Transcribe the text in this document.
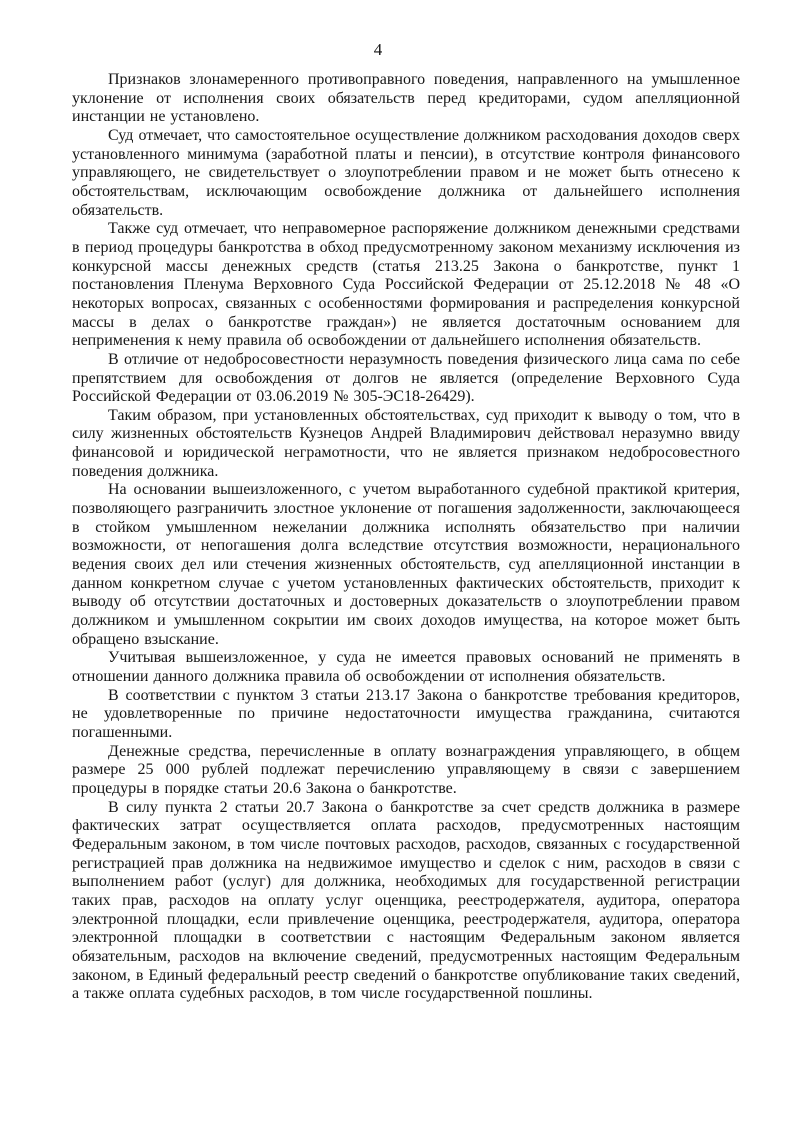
4

Признаков злонамеренного противоправного поведения, направленного на умышленное уклонение от исполнения своих обязательств перед кредиторами, судом апелляционной инстанции не установлено.

Суд отмечает, что самостоятельное осуществление должником расходования доходов сверх установленного минимума (заработной платы и пенсии), в отсутствие контроля финансового управляющего, не свидетельствует о злоупотреблении правом и не может быть отнесено к обстоятельствам, исключающим освобождение должника от дальнейшего исполнения обязательств.

Также суд отмечает, что неправомерное распоряжение должником денежными средствами в период процедуры банкротства в обход предусмотренному законом механизму исключения из конкурсной массы денежных средств (статья 213.25 Закона о банкротстве, пункт 1 постановления Пленума Верховного Суда Российской Федерации от 25.12.2018 № 48 «О некоторых вопросах, связанных с особенностями формирования и распределения конкурсной массы в делах о банкротстве граждан») не является достаточным основанием для неприменения к нему правила об освобождении от дальнейшего исполнения обязательств.

В отличие от недобросовестности неразумность поведения физического лица сама по себе препятствием для освобождения от долгов не является (определение Верховного Суда Российской Федерации от 03.06.2019 № 305-ЭС18-26429).

Таким образом, при установленных обстоятельствах, суд приходит к выводу о том, что в силу жизненных обстоятельств Кузнецов Андрей Владимирович действовал неразумно ввиду финансовой и юридической неграмотности, что не является признаком недобросовестного поведения должника.

На основании вышеизложенного, с учетом выработанного судебной практикой критерия, позволяющего разграничить злостное уклонение от погашения задолженности, заключающееся в стойком умышленном нежелании должника исполнять обязательство при наличии возможности, от непогашения долга вследствие отсутствия возможности, нерационального ведения своих дел или стечения жизненных обстоятельств, суд апелляционной инстанции в данном конкретном случае с учетом установленных фактических обстоятельств, приходит к выводу об отсутствии достаточных и достоверных доказательств о злоупотреблении правом должником и умышленном сокрытии им своих доходов имущества, на которое может быть обращено взыскание.

Учитывая вышеизложенное, у суда не имеется правовых оснований не применять в отношении данного должника правила об освобождении от исполнения обязательств.

В соответствии с пунктом 3 статьи 213.17 Закона о банкротстве требования кредиторов, не удовлетворенные по причине недостаточности имущества гражданина, считаются погашенными.

Денежные средства, перечисленные в оплату вознаграждения управляющего, в общем размере 25 000 рублей подлежат перечислению управляющему в связи с завершением процедуры в порядке статьи 20.6 Закона о банкротстве.

В силу пункта 2 статьи 20.7 Закона о банкротстве за счет средств должника в размере фактических затрат осуществляется оплата расходов, предусмотренных настоящим Федеральным законом, в том числе почтовых расходов, расходов, связанных с государственной регистрацией прав должника на недвижимое имущество и сделок с ним, расходов в связи с выполнением работ (услуг) для должника, необходимых для государственной регистрации таких прав, расходов на оплату услуг оценщика, реестродержателя, аудитора, оператора электронной площадки, если привлечение оценщика, реестродержателя, аудитора, оператора электронной площадки в соответствии с настоящим Федеральным законом является обязательным, расходов на включение сведений, предусмотренных настоящим Федеральным законом, в Единый федеральный реестр сведений о банкротстве опубликование таких сведений, а также оплата судебных расходов, в том числе государственной пошлины.
